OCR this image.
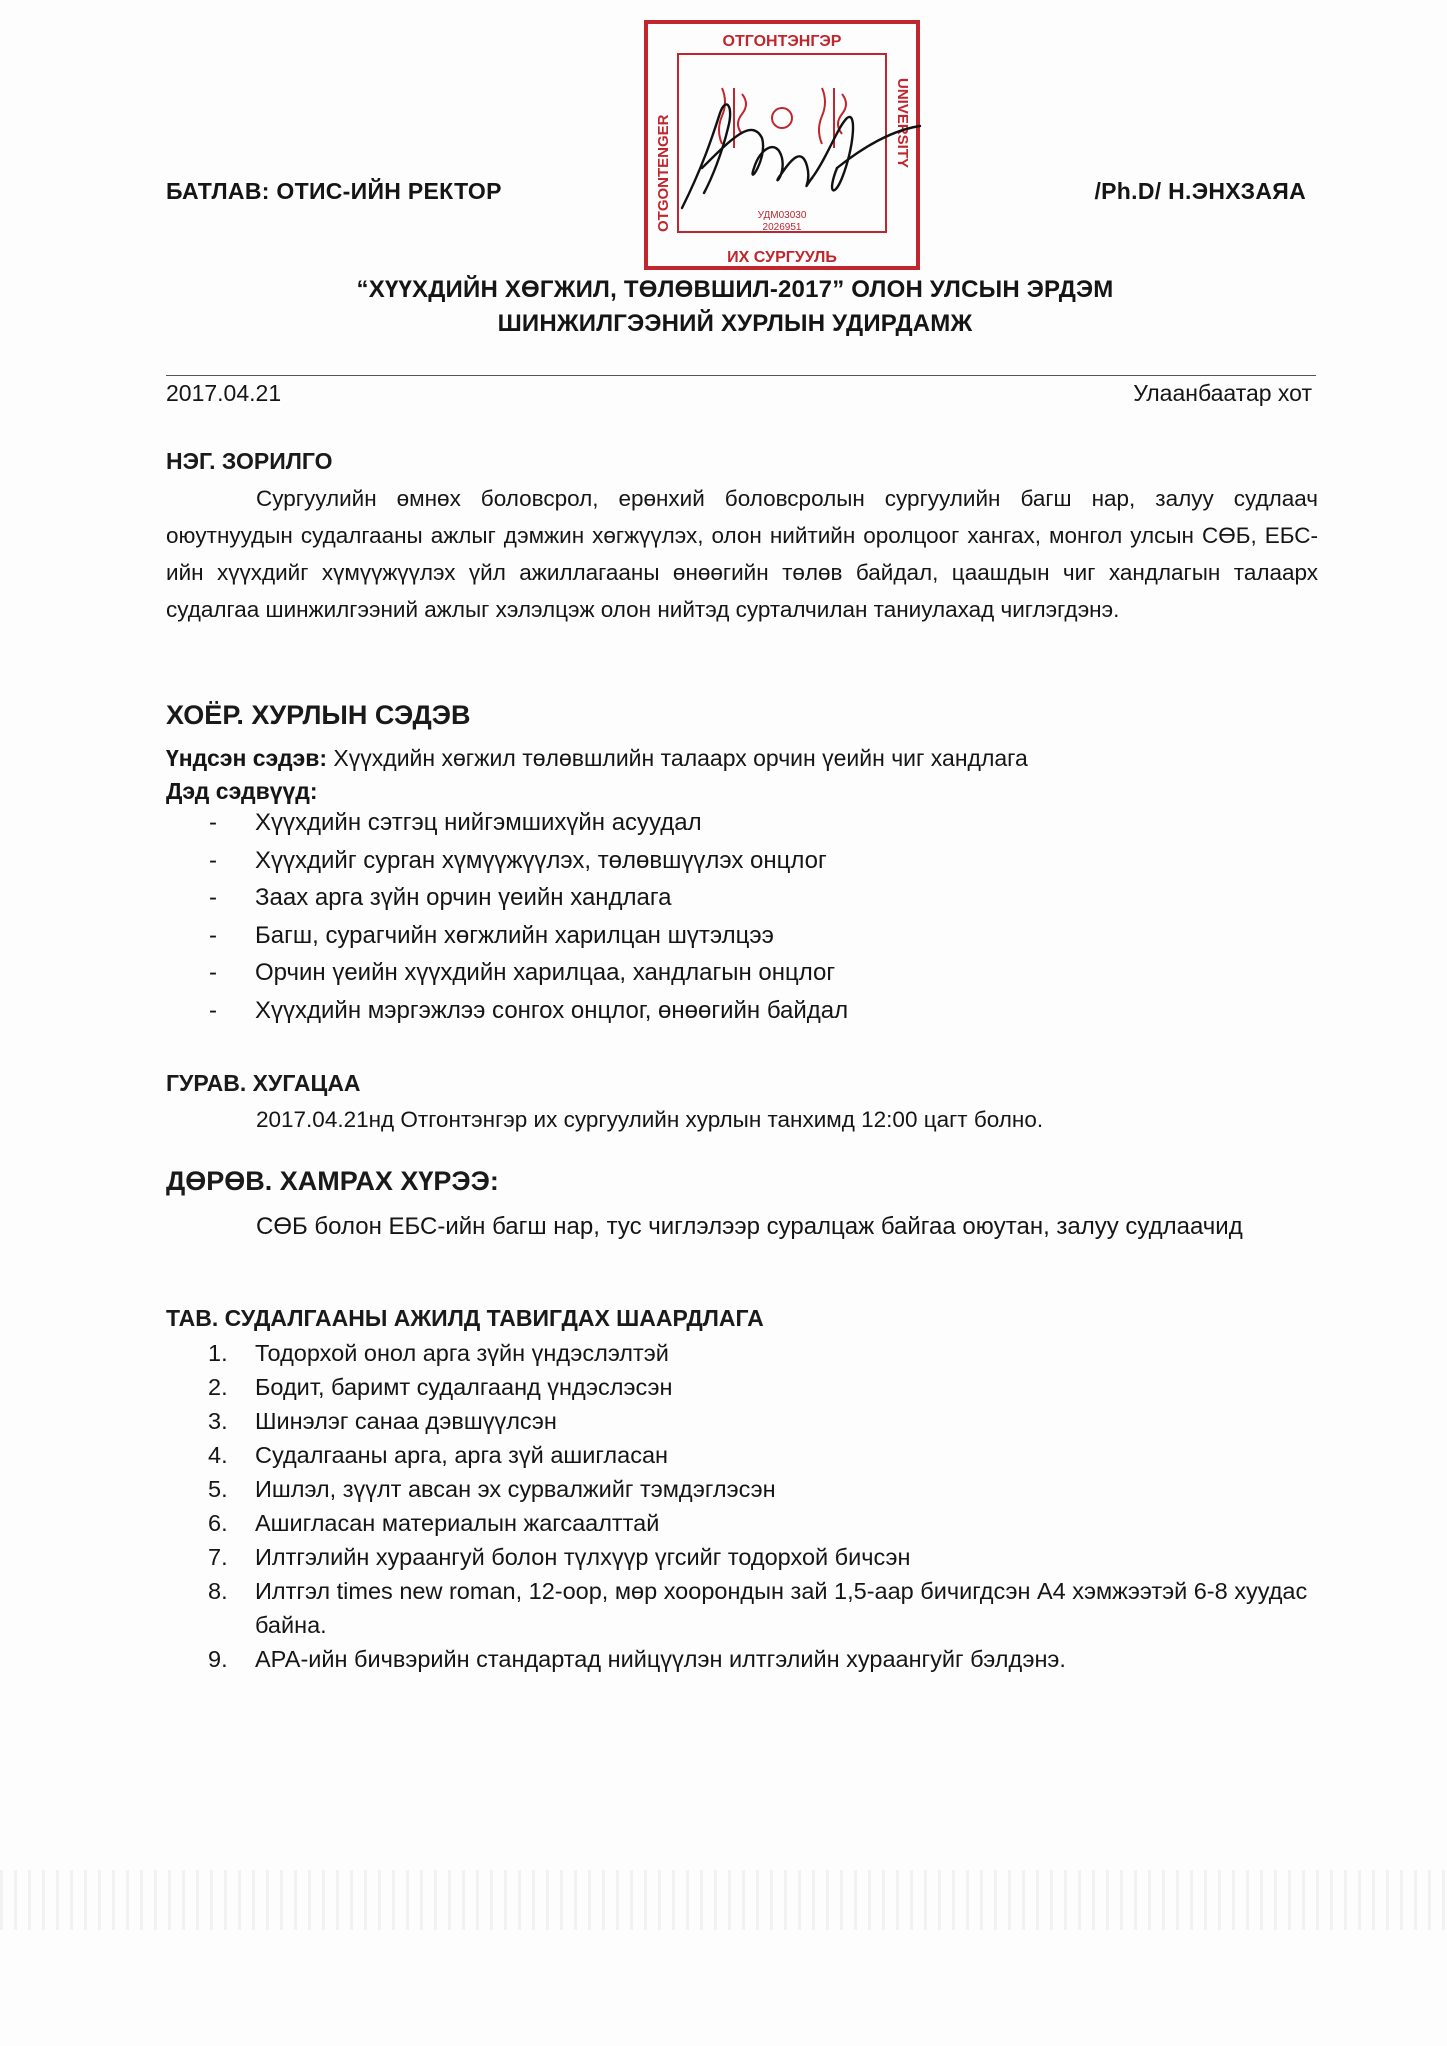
ОТГОНТЭНГЭР
ИХ СУРГУУЛЬ
OTGONTENGER	UNIVERSITY
УДМ03030
2026951
БАТЛАВ: ОТИС-ИЙН РЕКТОР	/Ph.D/ Н.ЭНХЗАЯА
“ХҮҮХДИЙН ХӨГЖИЛ, ТӨЛӨВШИЛ-2017” ОЛОН УЛСЫН ЭРДЭМ
ШИНЖИЛГЭЭНИЙ ХУРЛЫН УДИРДАМЖ
2017.04.21	Улаанбаатар хот
НЭГ. ЗОРИЛГО
Сургуулийн өмнөх боловсрол, ерөнхий боловсролын сургуулийн багш нар, залуу судлаач оюутнуудын судалгааны ажлыг дэмжин хөгжүүлэх, олон нийтийн оролцоог хангах, монгол улсын СӨБ, ЕБС-ийн хүүхдийг хүмүүжүүлэх үйл ажиллагааны өнөөгийн төлөв байдал, цаашдын чиг хандлагын талаарх судалгаа шинжилгээний ажлыг хэлэлцэж олон нийтэд сурталчилан таниулахад чиглэгдэнэ.
ХОЁР. ХУРЛЫН СЭДЭВ
Үндсэн сэдэв: Хүүхдийн хөгжил төлөвшлийн талаарх орчин үеийн чиг хандлага
Дэд сэдвүүд:
- Хүүхдийн сэтгэц нийгэмшихүйн асуудал
- Хүүхдийг сурган хүмүүжүүлэх, төлөвшүүлэх онцлог
- Заах арга зүйн орчин үеийн хандлага
- Багш, сурагчийн хөгжлийн харилцан шүтэлцээ
- Орчин үеийн хүүхдийн харилцаа, хандлагын онцлог
- Хүүхдийн мэргэжлээ сонгох онцлог, өнөөгийн байдал
ГУРАВ. ХУГАЦАА
2017.04.21нд Отгонтэнгэр их сургуулийн хурлын танхимд 12:00 цагт болно.
ДӨРӨВ. ХАМРАХ ХҮРЭЭ:
СӨБ болон ЕБС-ийн багш нар, тус чиглэлээр суралцаж байгаа оюутан, залуу судлаачид
ТАВ. СУДАЛГААНЫ АЖИЛД ТАВИГДАХ ШААРДЛАГА
1. Тодорхой онол арга зүйн үндэслэлтэй
2. Бодит, баримт судалгаанд үндэслэсэн
3. Шинэлэг санаа дэвшүүлсэн
4. Судалгааны арга, арга зүй ашигласан
5. Ишлэл, зүүлт авсан эх сурвалжийг тэмдэглэсэн
6. Ашигласан материалын жагсаалттай
7. Илтгэлийн хураангуй болон түлхүүр үгсийг тодорхой бичсэн
8. Илтгэл times new roman, 12-оор, мөр хоорондын зай 1,5-аар бичигдсэн А4 хэмжээтэй 6-8 хуудас байна.
9. АРА-ийн бичвэрийн стандартад нийцүүлэн илтгэлийн хураангуйг бэлдэнэ.
